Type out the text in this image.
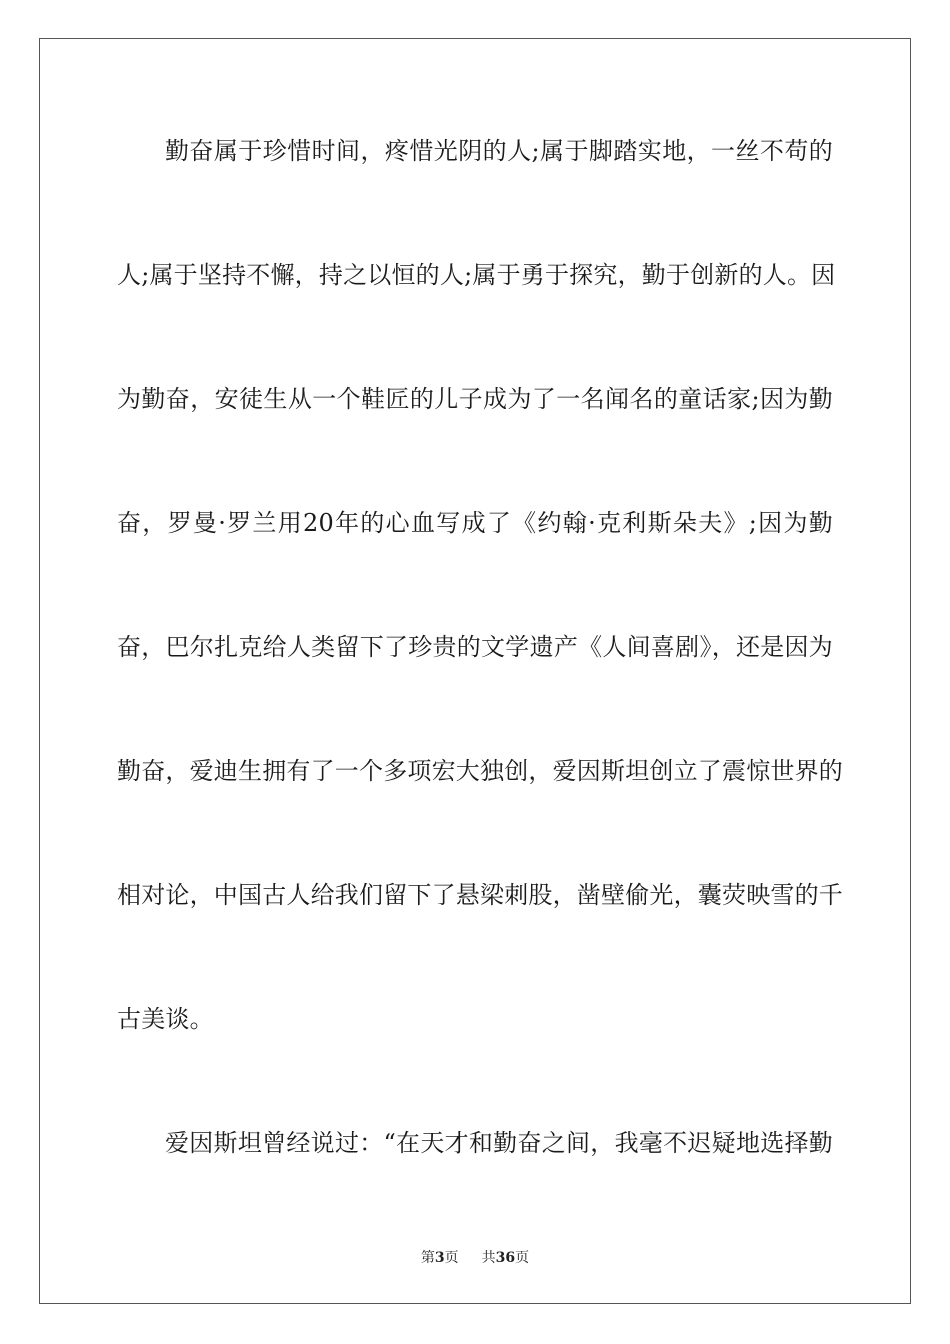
勤奋属于珍惜时间，疼惜光阴的人;属于脚踏实地，一丝不苟的
人;属于坚持不懈，持之以恒的人;属于勇于探究，勤于创新的人。因
为勤奋，安徒生从一个鞋匠的儿子成为了一名闻名的童话家;因为勤
奋，罗曼·罗兰用20年的心血写成了《约翰·克利斯朵夫》;因为勤
奋，巴尔扎克给人类留下了珍贵的文学遗产《人间喜剧》，还是因为
勤奋，爱迪生拥有了一个多项宏大独创，爱因斯坦创立了震惊世界的
相对论，中国古人给我们留下了悬梁刺股，凿壁偷光，囊荧映雪的千
古美谈。
爱因斯坦曾经说过：“在天才和勤奋之间，我毫不迟疑地选择勤
第3页 共36页
